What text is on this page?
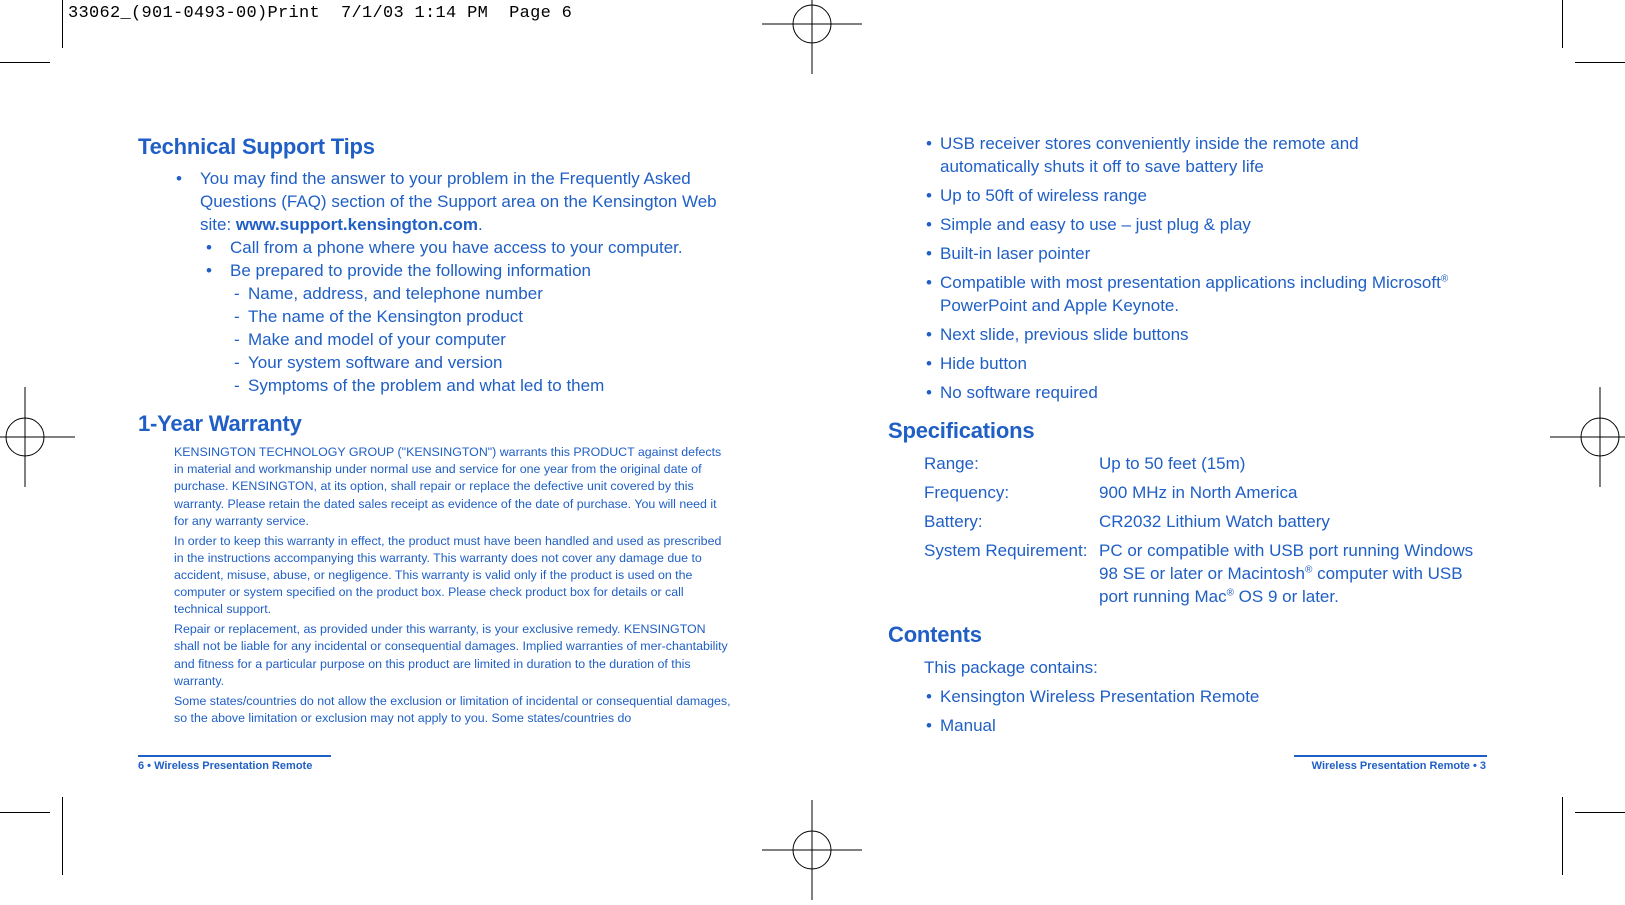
33062_(901-0493-00)Print  7/1/03 1:14 PM  Page 6
Technical Support Tips
• You may find the answer to your problem in the Frequently Asked
Questions (FAQ) section of the Support area on the Kensington Web
site: www.support.kensington.com.
• Call from a phone where you have access to your computer.
• Be prepared to provide the following information
- Name, address, and telephone number
- The name of the Kensington product
- Make and model of your computer
- Your system software and version
- Symptoms of the problem and what led to them
1-Year Warranty

KENSINGTON TECHNOLOGY GROUP ("KENSINGTON") warrants this PRODUCT against defects in material and workmanship under normal use and service for one year from the original date of purchase. KENSINGTON, at its option, shall repair or replace the defective unit covered by this warranty. Please retain the dated sales receipt as evidence of the date of purchase. You will need it for any warranty service.

In order to keep this warranty in effect, the product must have been handled and used as prescribed in the instructions accompanying this warranty. This warranty does not cover any damage due to accident, misuse, abuse, or negligence. This warranty is valid only if the product is used on the computer or system specified on the product box. Please check product box for details or call technical support.

Repair or replacement, as provided under this warranty, is your exclusive remedy. KENSINGTON shall not be liable for any incidental or consequential damages. Implied warranties of mer-chantability and fitness for a particular purpose on this product are limited in duration to the duration of this warranty.

Some states/countries do not allow the exclusion or limitation of incidental or consequential damages, so the above limitation or exclusion may not apply to you. Some states/countries do

6 • Wireless Presentation Remote
• USB receiver stores conveniently inside the remote and automatically shuts it off to save battery life
• Up to 50ft of wireless range
• Simple and easy to use – just plug & play
• Built-in laser pointer
• Compatible with most presentation applications including Microsoft®
PowerPoint and Apple Keynote.
• Next slide, previous slide buttons
• Hide button
• No software required
Specifications
Range:	Up to 50 feet (15m)
Frequency:	900 MHz in North America
Battery:	CR2032 Lithium Watch battery
System Requirement: PC or compatible with USB port running Windows 98 SE or later or Macintosh® computer with USB port running Mac® OS 9 or later.
Contents
This package contains:
• Kensington Wireless Presentation Remote
• Manual
Wireless Presentation Remote • 3
